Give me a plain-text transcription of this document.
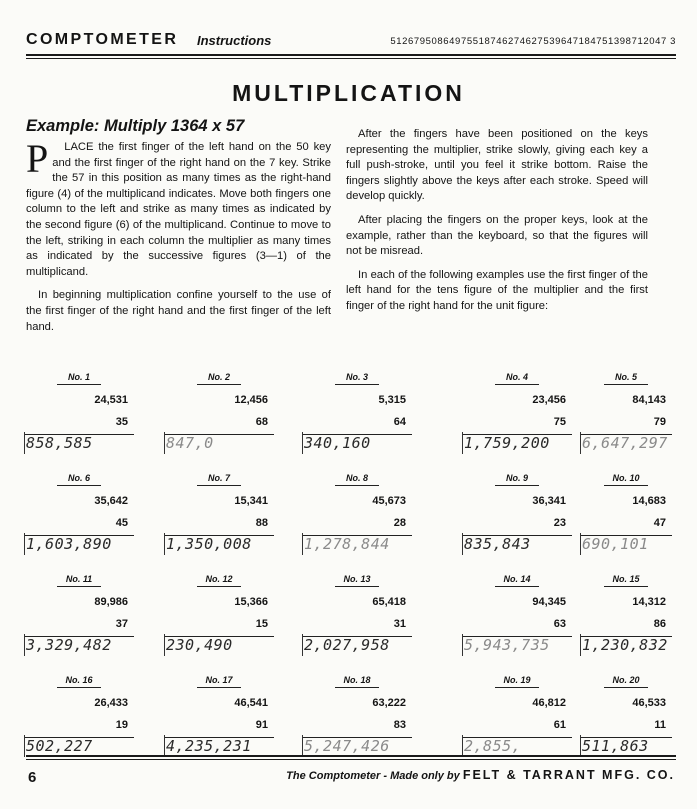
COMPTOMETER Instructions	51267950864975518746274627539647184751398712047 3
MULTIPLICATION
Example: Multiply 1364 x 57

P LACE the first finger of the left hand on the 50 key and the first finger of the right hand on the 7 key. Strike the 57 in this position as many times as the right-hand figure (4) of the multiplicand indicates. Move both fingers one column to the left and strike as many times as indicated by the second figure (6) of the multiplicand. Continue to move to the left, striking in each column the multiplier as many times as indicated by the successive figures (3—1) of the multiplicand.

In beginning multiplication confine yourself to the use of the first finger of the right hand and the first finger of the left hand.

After the fingers have been positioned on the keys representing the multiplier, strike slowly, giving each key a full push-stroke, until you feel it strike bottom. Raise the fingers slightly above the keys after each stroke. Speed will develop quickly.

After placing the fingers on the proper keys, look at the example, rather than the keyboard, so that the figures will not be misread.

In each of the following examples use the first finger of the left hand for the tens figure of the multiplier and the first finger of the right hand for the unit figure:

No. 1
24,531
35
858,585
No. 2
12,456
68
847,0
No. 3
5,315
64
340,160
No. 4
23,456
75
1,759,200
No. 5
84,143
79
6,647,297
No. 6
35,642
45
1,603,890
No. 7
15,341
88
1,350,008
No. 8
45,673
28
1,278,844
No. 9
36,341
23
835,843
No. 10
14,683
47
690,101
No. 11
89,986
37
3,329,482
No. 12
15,366
15
230,490
No. 13
65,418
31
2,027,958
No. 14
94,345
63
5,943,735
No. 15
14,312
86
1,230,832
No. 16
26,433
19
502,227
No. 17
46,541
91
4,235,231
No. 18
63,222
83
5,247,426
No. 19
46,812
61
2,855,
No. 20
46,533
11
511,863
6	The Comptometer - Made only by FELT & TARRANT MFG. CO.
